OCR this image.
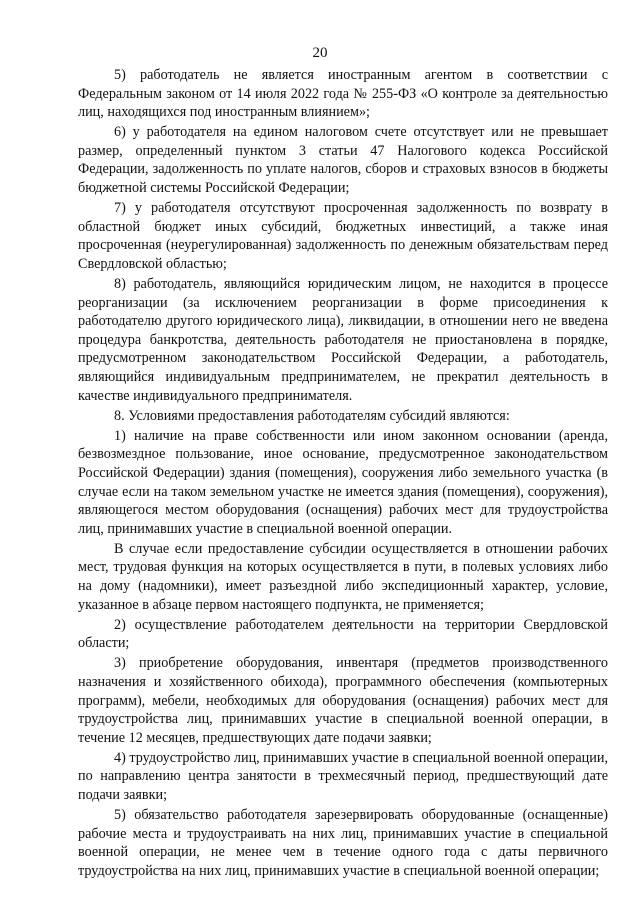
20

5) работодатель не является иностранным агентом в соответствии с Федеральным законом от 14 июля 2022 года № 255-ФЗ «О контроле за деятельностью лиц, находящихся под иностранным влиянием»;

6) у работодателя на едином налоговом счете отсутствует или не превышает размер, определенный пунктом 3 статьи 47 Налогового кодекса Российской Федерации, задолженность по уплате налогов, сборов и страховых взносов в бюджеты бюджетной системы Российской Федерации;

7) у работодателя отсутствуют просроченная задолженность по возврату в областной бюджет иных субсидий, бюджетных инвестиций, а также иная просроченная (неурегулированная) задолженность по денежным обязательствам перед Свердловской областью;

8) работодатель, являющийся юридическим лицом, не находится в процессе реорганизации (за исключением реорганизации в форме присоединения к работодателю другого юридического лица), ликвидации, в отношении него не введена процедура банкротства, деятельность работодателя не приостановлена в порядке, предусмотренном законодательством Российской Федерации, а работодатель, являющийся индивидуальным предпринимателем, не прекратил деятельность в качестве индивидуального предпринимателя.

8. Условиями предоставления работодателям субсидий являются:

1) наличие на праве собственности или ином законном основании (аренда, безвозмездное пользование, иное основание, предусмотренное законодательством Российской Федерации) здания (помещения), сооружения либо земельного участка (в случае если на таком земельном участке не имеется здания (помещения), сооружения), являющегося местом оборудования (оснащения) рабочих мест для трудоустройства лиц, принимавших участие в специальной военной операции.

В случае если предоставление субсидии осуществляется в отношении рабочих мест, трудовая функция на которых осуществляется в пути, в полевых условиях либо на дому (надомники), имеет разъездной либо экспедиционный характер, условие, указанное в абзаце первом настоящего подпункта, не применяется;

2) осуществление работодателем деятельности на территории Свердловской области;

3) приобретение оборудования, инвентаря (предметов производственного назначения и хозяйственного обихода), программного обеспечения (компьютерных программ), мебели, необходимых для оборудования (оснащения) рабочих мест для трудоустройства лиц, принимавших участие в специальной военной операции, в течение 12 месяцев, предшествующих дате подачи заявки;

4) трудоустройство лиц, принимавших участие в специальной военной операции, по направлению центра занятости в трехмесячный период, предшествующий дате подачи заявки;

5) обязательство работодателя зарезервировать оборудованные (оснащенные) рабочие места и трудоустраивать на них лиц, принимавших участие в специальной военной операции, не менее чем в течение одного года с даты первичного трудоустройства на них лиц, принимавших участие в специальной военной операции;
